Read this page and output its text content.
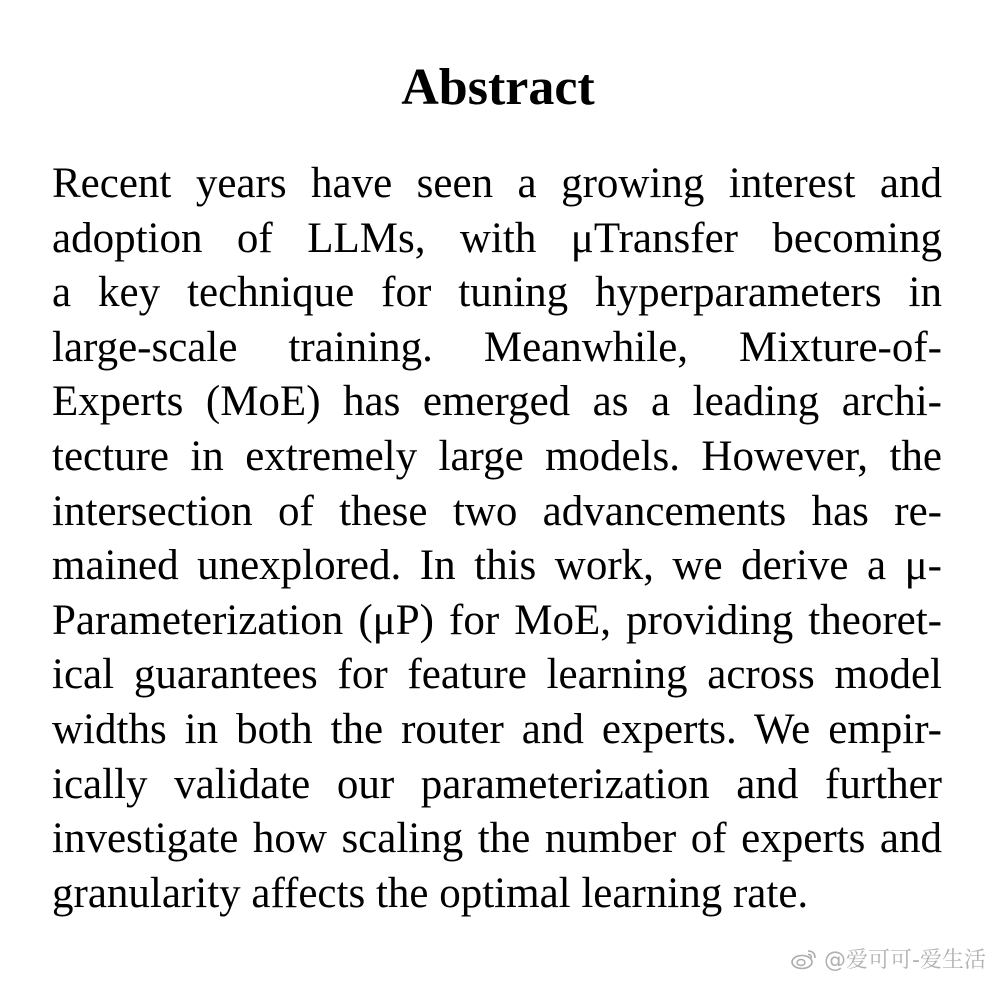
Abstract
Recent years have seen a growing interest and
adoption of LLMs, with μTransfer becoming
a key technique for tuning hyperparameters in
large-scale training. Meanwhile, Mixture-of-
Experts (MoE) has emerged as a leading archi-
tecture in extremely large models. However, the
intersection of these two advancements has re-
mained unexplored. In this work, we derive a μ-
Parameterization (μP) for MoE, providing theoret-
ical guarantees for feature learning across model
widths in both the router and experts. We empir-
ically validate our parameterization and further
investigate how scaling the number of experts and
granularity affects the optimal learning rate.
@爱可可-爱生活
